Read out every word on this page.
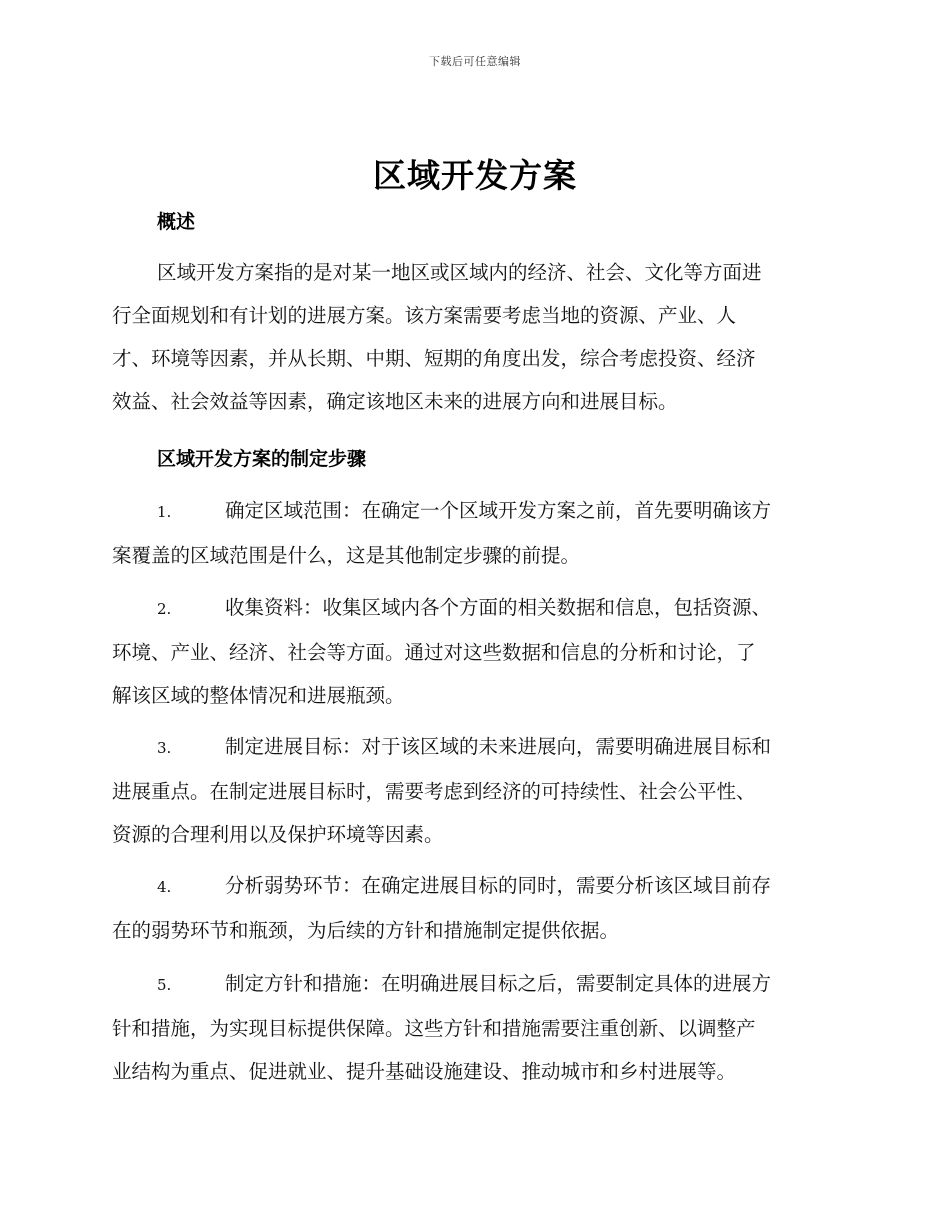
下载后可任意编辑
区域开发方案
概述

区域开发方案指的是对某一地区或区域内的经济、社会、文化等方面进
行全面规划和有计划的进展方案。该方案需要考虑当地的资源、产业、人
才、环境等因素，并从长期、中期、短期的角度出发，综合考虑投资、经济
效益、社会效益等因素，确定该地区未来的进展方向和进展目标。

区域开发方案的制定步骤

1.	确定区域范围：在确定一个区域开发方案之前，首先要明确该方
案覆盖的区域范围是什么，这是其他制定步骤的前提。

2.	收集资料：收集区域内各个方面的相关数据和信息，包括资源、
环境、产业、经济、社会等方面。通过对这些数据和信息的分析和讨论，了
解该区域的整体情况和进展瓶颈。

3.	制定进展目标：对于该区域的未来进展向，需要明确进展目标和
进展重点。在制定进展目标时，需要考虑到经济的可持续性、社会公平性、
资源的合理利用以及保护环境等因素。

4.	分析弱势环节：在确定进展目标的同时，需要分析该区域目前存
在的弱势环节和瓶颈，为后续的方针和措施制定提供依据。

5.	制定方针和措施：在明确进展目标之后，需要制定具体的进展方
针和措施，为实现目标提供保障。这些方针和措施需要注重创新、以调整产
业结构为重点、促进就业、提升基础设施建设、推动城市和乡村进展等。
